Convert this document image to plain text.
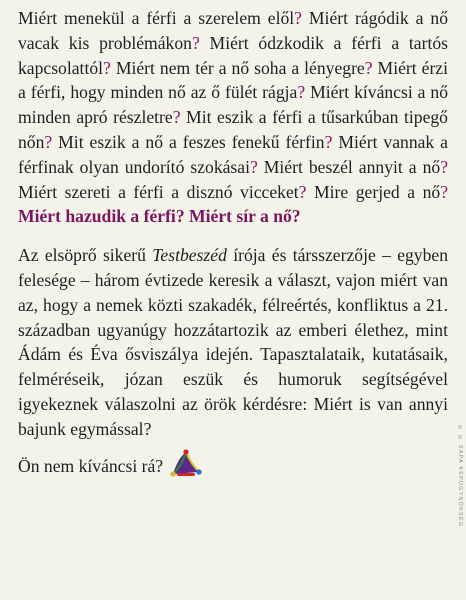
Miért menekül a férfi a szerelem elől? Miért rágódik a nő vacak kis problémákon? Miért ódzkodik a férfi a tartós kapcsolattól? Miért nem tér a nő soha a lényegre? Miért érzi a férfi, hogy minden nő az ő fülét rágja? Miért kíváncsi a nő minden apró részletre? Mit eszik a férfi a tűsarkúban tipegő nőn? Mit eszik a nő a feszes fenekű férfin? Miért vannak a férfinak olyan undorító szokásai? Miért beszél annyit a nő? Miért szereti a férfi a disznó vicceket? Mire gerjed a nő? Miért hazudik a férfi? Miért sír a nő?
Az elsöprő sikerű Testbeszéd írója és társszerzője – egyben felesége – három évtizede keresik a választ, vajon miért van az, hogy a nemek közti szakadék, félreértés, konfliktus a 21. században ugyanúgy hozzátartozik az emberi élethez, mint Ádám és Éva ősviszálya idején. Tapasztalataik, kutatásaik, felméréseik, józan eszük és humoruk segítségével igyekeznek válaszolni az örök kérdésre: Miért is van annyi bajunk egymással?
Ön nem kíváncsi rá?	© © SAPA KÉPÜGYNÖKSÉG
